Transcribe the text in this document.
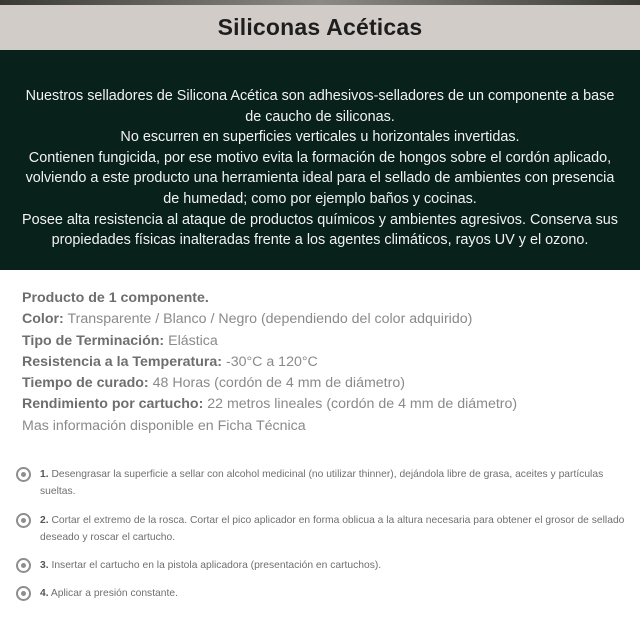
Siliconas Acéticas

Nuestros selladores de Silicona Acética son adhesivos-selladores de un componente a base

de caucho de siliconas.

No escurren en superficies verticales u horizontales invertidas.

Contienen fungicida, por ese motivo evita la formación de hongos sobre el cordón aplicado,

volviendo a este producto una herramienta ideal para el sellado de ambientes con presencia

de humedad; como por ejemplo baños y cocinas.

Posee alta resistencia al ataque de productos químicos y ambientes agresivos. Conserva sus

propiedades físicas inalteradas frente a los agentes climáticos, rayos UV y el ozono.

Producto de 1 componente.
Color: Transparente / Blanco / Negro (dependiendo del color adquirido)
Tipo de Terminación: Elástica
Resistencia a la Temperatura: -30°C a 120°C
Tiempo de curado: 48 Horas (cordón de 4 mm de diámetro)
Rendimiento por cartucho: 22 metros lineales (cordón de 4 mm de diámetro)
Mas información disponible en Ficha Técnica
1. Desengrasar la superficie a sellar con alcohol medicinal (no utilizar thinner), dejándola libre de grasa, aceites y partículas sueltas.
2. Cortar el extremo de la rosca. Cortar el pico aplicador en forma oblicua a la altura necesaria para obtener el grosor de sellado deseado y roscar el cartucho.
3. Insertar el cartucho en la pistola aplicadora (presentación en cartuchos).
4. Aplicar a presión constante.
